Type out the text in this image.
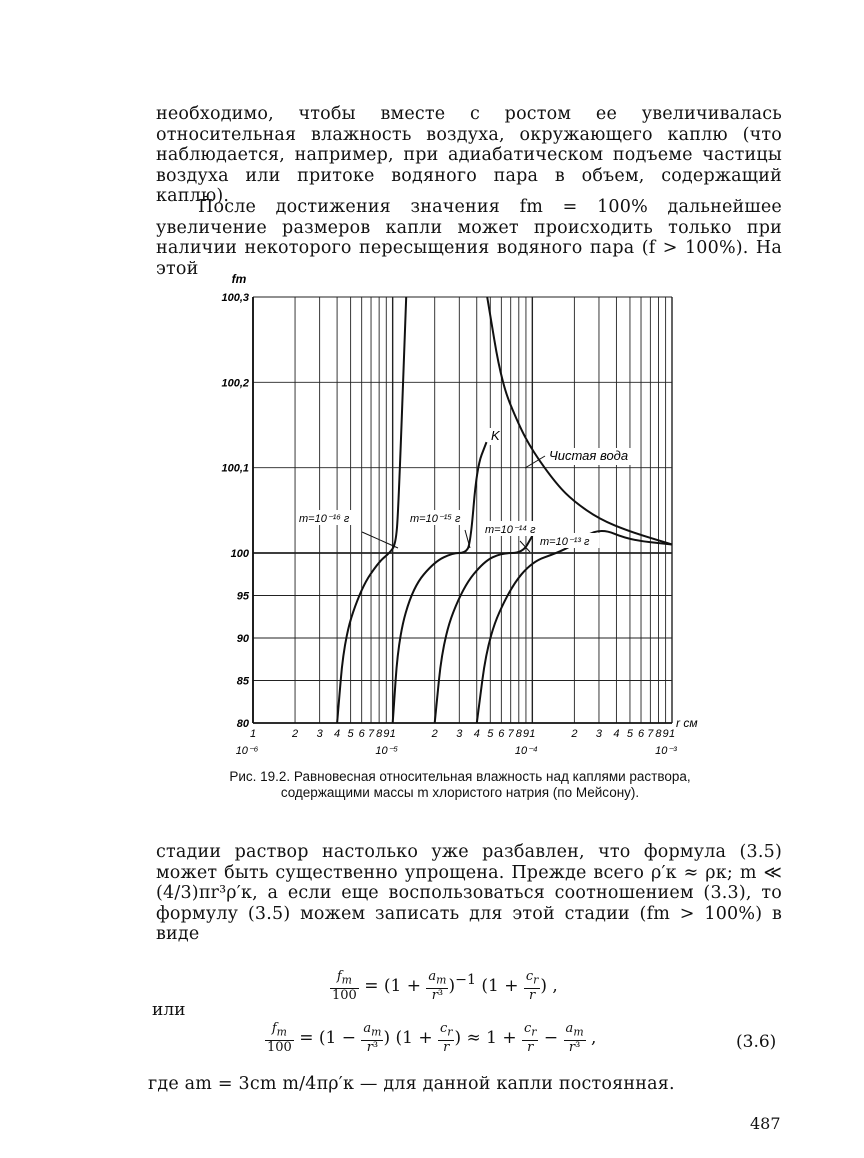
необходимо, чтобы вместе с ростом ее увеличивалась относительная влажность воздуха, окружающего каплю (что наблюдается, например, при адиабатическом подъеме частицы воздуха или притоке водяного пара в объем, содержащий каплю).

После достижения значения fm = 100% дальнейшее увеличение размеров капли может происходить только при наличии некоторого пересыщения водяного пара (f > 100%). На этой

100,3
100,2
100,1
100
95
90
85
80
fm
1	2 3 4 5 6 7 8 9 1	2 3 4 5 6 7 8 9 1	2 3 4 5 6 7 8 9 1
10⁻⁶	10⁻⁵	10⁻⁴	10⁻³
r см
K
Чистая вода
m=10⁻¹⁶ г	m=10⁻¹⁵ г
m=10⁻¹⁴ г
m=10⁻¹³ г
Рис. 19.2. Равновесная относительная влажность над каплями раствора, содержащими массы m хлористого натрия (по Мейсону).

стадии раствор настолько уже разбавлен, что формула (3.5) может быть существенно упрощена. Прежде всего ρ′к ≈ ρк; m ≪ (4/3)πr³ρ′к, а если еще воспользоваться соотношением (3.3), то формулу (3.5) можем записать для этой стадии (fm > 100%) в виде

$\frac{f_m}{100} = (1 + \frac{a_m}{\text{r³}} )^{-1}$ ($1 + \frac{c_r}{r}$ ) ,
или
$\frac{f_m}{100} = (1 - \frac{a_m}{\text{r³}}$ ) ($1 + \frac{c_r}{r}$ ) ≈ $1 + \frac{c_r}{r} - \frac{a_m}{\text{r³}}$ ,	(3.6)

где am = 3cm m/4πρ′к — для данной капли постоянная.

487
